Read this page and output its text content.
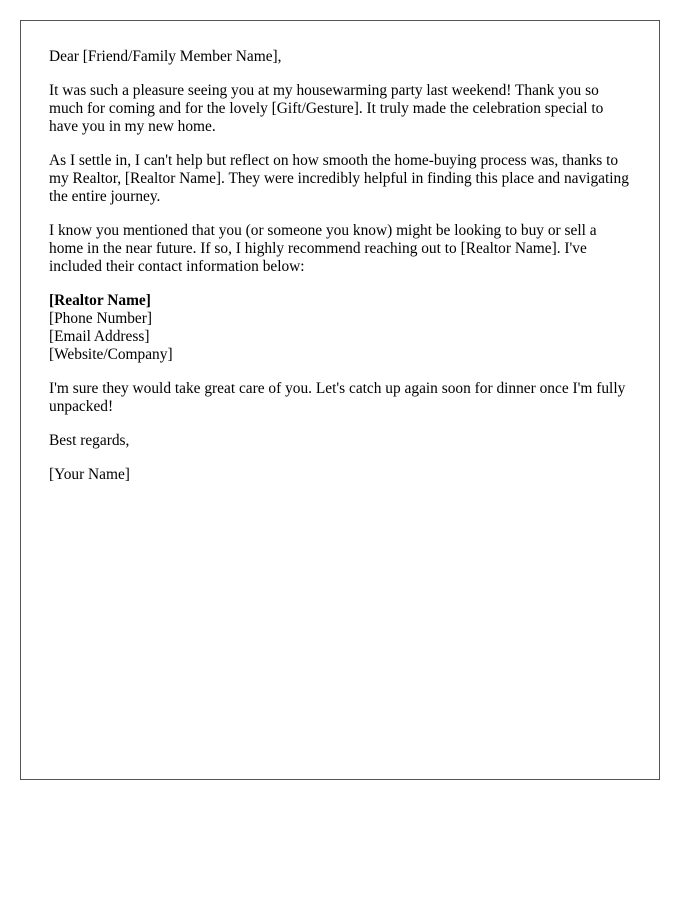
Dear [Friend/Family Member Name],

It was such a pleasure seeing you at my housewarming party last weekend! Thank you so much for coming and for the lovely [Gift/Gesture]. It truly made the celebration special to have you in my new home.

As I settle in, I can't help but reflect on how smooth the home-buying process was, thanks to my Realtor, [Realtor Name]. They were incredibly helpful in finding this place and navigating the entire journey.

I know you mentioned that you (or someone you know) might be looking to buy or sell a home in the near future. If so, I highly recommend reaching out to [Realtor Name]. I've included their contact information below:

[Realtor Name]
[Phone Number]
[Email Address]
[Website/Company]

I'm sure they would take great care of you. Let's catch up again soon for dinner once I'm fully unpacked!

Best regards,

[Your Name]
